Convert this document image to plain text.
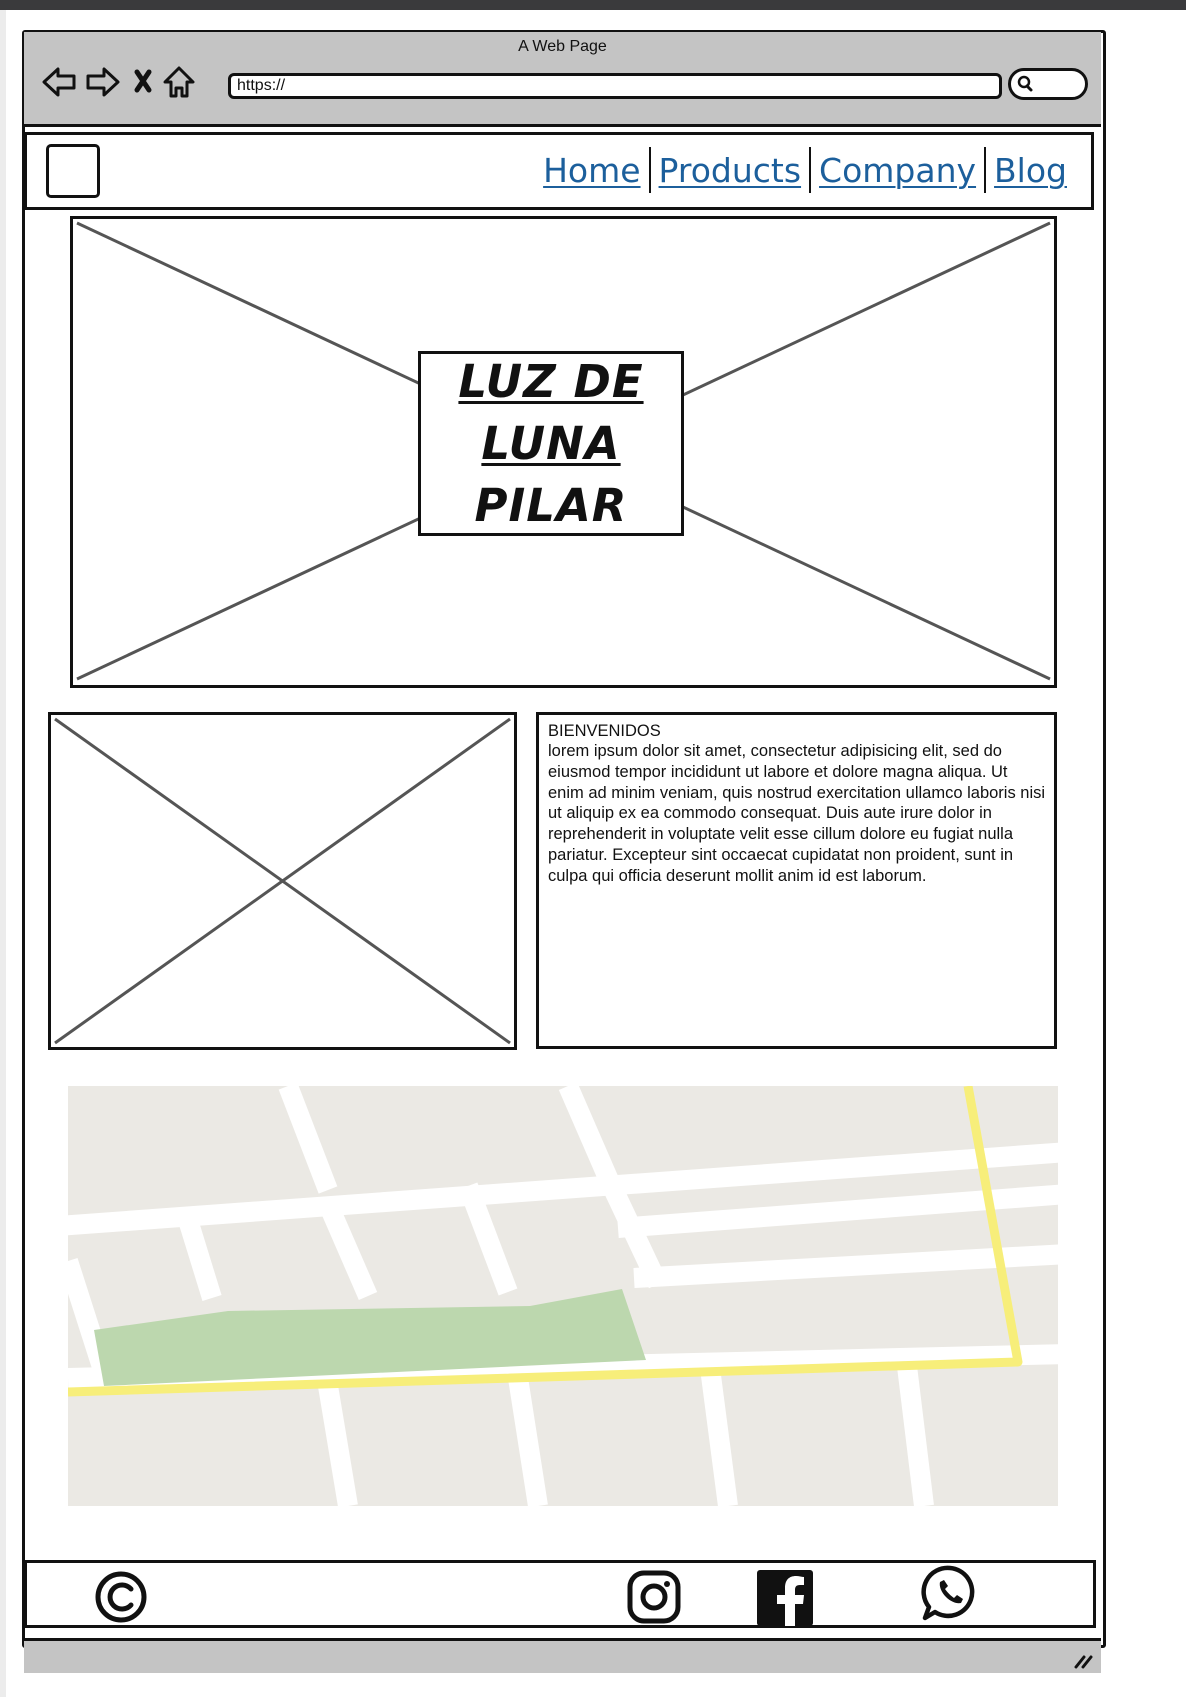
A Web Page
https://
Home Products Company Blog
LUZ DE
LUNA
PILAR
BIENVENIDOS
lorem ipsum dolor sit amet, consectetur adipisicing elit, sed do eiusmod tempor incididunt ut labore et dolore magna aliqua. Ut enim ad minim veniam, quis nostrud exercitation ullamco laboris nisi ut aliquip ex ea commodo consequat. Duis aute irure dolor in reprehenderit in voluptate velit esse cillum dolore eu fugiat nulla pariatur. Excepteur sint occaecat cupidatat non proident, sunt in culpa qui officia deserunt mollit anim id est laborum.
